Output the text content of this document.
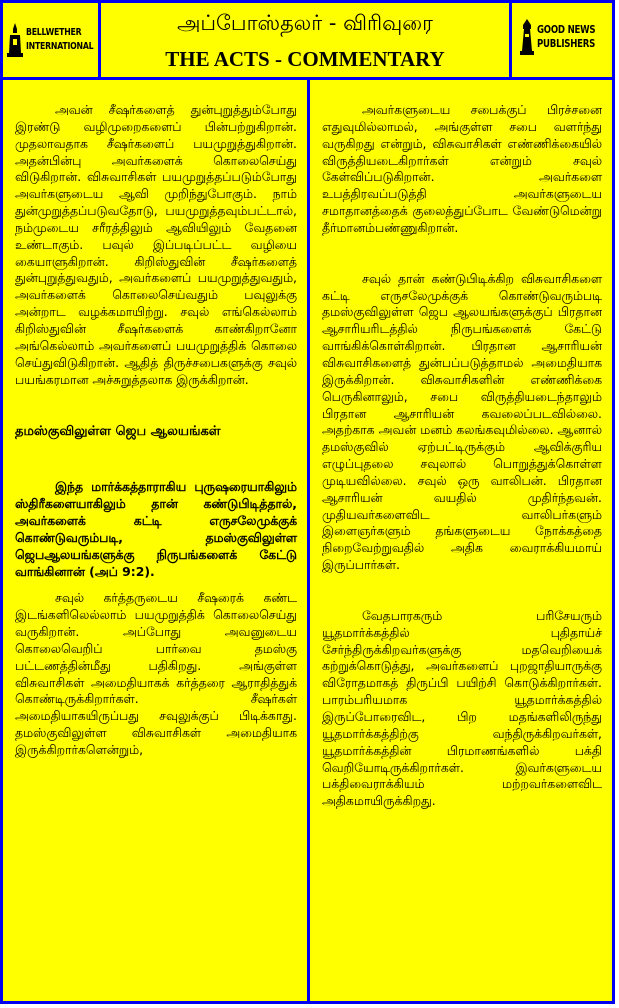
BELLWETHER
INTERNATIONAL
அப்போஸ்தலர் - விரிவுரை
THE ACTS - COMMENTARY
GOOD NEWS
PUBLISHERS

அவன் சீஷர்களைத் துன்புறுத்தும்போது இரண்டு வழிமுறைகளைப் பின்பற்றுகிறான். முதலாவதாக சீஷர்களைப் பயமுறுத்துகிறான். அதன்பின்பு அவர்களைக் கொலைசெய்து விடுகிறான். விசுவாசிகள் பயமுறுத்தப்படும்போது அவர்களுடைய ஆவி முறிந்துபோகும். நாம் துன்முறுத்தப்படுவதோடு, பயமுறுத்தவும்பட்டால், நம்முடைய சரீரத்திலும் ஆவியிலும் வேதனை உண்டாகும். பவுல் இப்படிப்பட்ட வழியை கையாளுகிறான். கிறிஸ்துவின் சீஷர்களைத் துன்புறுத்துவதும், அவர்களைப் பயமுறுத்துவதும், அவர்களைக் கொலைசெய்வதும் பவுலுக்கு அன்றாட வழக்கமாயிற்று. சவுல் எங்கெல்லாம் கிறிஸ்துவின் சீஷர்களைக் காண்கிறானோ அங்கெல்லாம் அவர்களைப் பயமுறுத்திக் கொலை செய்துவிடுகிறான். ஆதித் திருச்சபைகளுக்கு சவுல் பயங்கரமான அச்சுறுத்தலாக இருக்கிறான்.

தமஸ்குவிலுள்ள ஜெப ஆலயங்கள்

இந்த மார்க்கத்தாராகிய புருஷரையாகிலும் ஸ்திரீகளையாகிலும் தான் கண்டுபிடித்தால், அவர்களைக் கட்டி எருசலேமுக்குக் கொண்டுவரும்படி, தமஸ்குவிலுள்ள ஜெபஆலயங்களுக்கு நிருபங்களைக் கேட்டு வாங்கினான் (அப் 9:2).

சவுல் கர்த்தருடைய சீஷரைக் கண்ட இடங்களிலெல்லாம் பயமுறுத்திக் கொலைசெய்து வருகிறான். அப்போது அவனுடைய கொலைவெறிப் பார்வை தமஸ்கு பட்டணத்தின்மீது பதிகிறது. அங்குள்ள விசுவாசிகள் அமைதியாகக் கர்த்தரை ஆராதித்துக் கொண்டிருக்கிறார்கள். சீஷர்கள் அமைதியாகயிருப்பது சவுலுக்குப் பிடிக்காது. தமஸ்குவிலுள்ள விசுவாசிகள் அமைதியாக இருக்கிறார்களென்றும்,

அவர்களுடைய சபைக்குப் பிரச்சனை எதுவுமில்லாமல், அங்குள்ள சபை வளர்ந்து வருகிறது என்றும், விசுவாசிகள் எண்ணிக்கையில் விருத்தியடைகிறார்கள் என்றும் சவுல் கேள்விப்படுகிறான். அவர்களை உபத்திரவப்படுத்தி அவர்களுடைய சமாதானத்தைக் குலைத்துப்போட வேண்டுமென்று தீர்மானம்பண்ணுகிறான்.

சவுல் தான் கண்டுபிடிக்கிற விசுவாசிகளை கட்டி எருசலேமுக்குக் கொண்டுவரும்படி தமஸ்குவிலுள்ள ஜெப ஆலயங்களுக்குப் பிரதான ஆசாரியரிடத்தில் நிருபங்களைக் கேட்டு வாங்கிக்கொள்கிறான். பிரதான ஆசாரியன் விசுவாசிகளைத் துன்பப்படுத்தாமல் அமைதியாக இருக்கிறான். விசுவாசிகளின் எண்ணிக்கை பெருகினாலும், சபை விருத்தியடைந்தாலும் பிரதான ஆசாரியன் கவலைப்படவில்லை. அதற்காக அவன் மனம் கலங்கவுமில்லை. ஆனால் தமஸ்குவில் ஏற்பட்டிருக்கும் ஆவிக்குரிய எழுப்புதலை சவுலால் பொறுத்துக்கொள்ள முடியவில்லை. சவுல் ஒரு வாலிபன். பிரதான ஆசாரியன் வயதில் முதிர்ந்தவன். முதியவர்களைவிட வாலிபர்களும் இளைஞர்களும் தங்களுடைய நோக்கத்தை நிறைவேற்றுவதில் அதிக வைராக்கியமாய் இருப்பார்கள்.

வேதபாரகரும் பரிசேயரும் யூதமார்க்கத்தில் புதிதாய்ச் சேர்ந்திருக்கிறவர்களுக்கு மதவெறியைக் கற்றுக்கொடுத்து, அவர்களைப் புறஜாதியாருக்கு விரோதமாகத் திருப்பி பயிற்சி கொடுக்கிறார்கள். பாரம்பரியமாக யூதமார்க்கத்தில் இருப்போரைவிட, பிற மதங்களிலிருந்து யூதமார்க்கத்திற்கு வந்திருக்கிறவர்கள், யூதமார்க்கத்தின் பிரமாணங்களில் பக்தி வெறியோடிருக்கிறார்கள். இவர்களுடைய பக்திவைராக்கியம் மற்றவர்களைவிட அதிகமாயிருக்கிறது.
